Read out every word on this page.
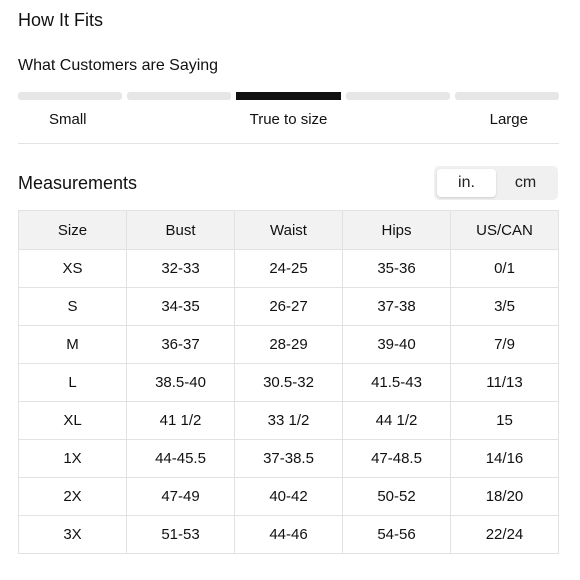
How It Fits
What Customers are Saying
Small	True to size	Large
Measurements	in.	cm
Size	Bust	Waist	Hips	US/CAN
XS	32-33	24-25	35-36	0/1
S	34-35	26-27	37-38	3/5
M	36-37	28-29	39-40	7/9
L	38.5-40	30.5-32	41.5-43	11/13
XL	41 1/2	33 1/2	44 1/2	15
1X	44-45.5	37-38.5	47-48.5	14/16
2X	47-49	40-42	50-52	18/20
3X	51-53	44-46	54-56	22/24
